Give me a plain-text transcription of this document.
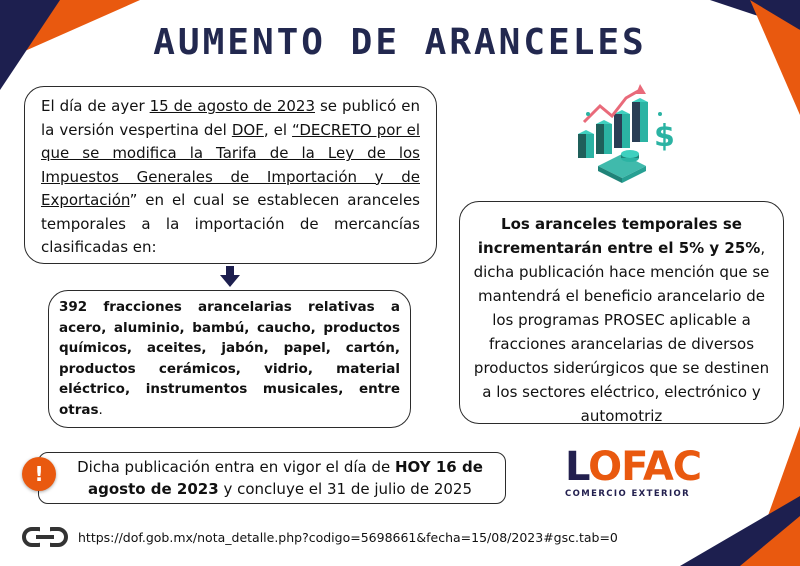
AUMENTO DE ARANCELES

El día de ayer 15 de agosto de 2023 se publicó en la versión vespertina del DOF, el “DECRETO por el que se modifica la Tarifa de la Ley de los Impuestos Generales de Importación y de Exportación” en el cual se establecen aranceles temporales a la importación de mercancías clasificadas en:

392 fracciones arancelarias relativas a acero, aluminio, bambú, caucho, productos químicos, aceites, jabón, papel, cartón, productos cerámicos, vidrio, material eléctrico, instrumentos musicales, entre otras.

$

Los aranceles temporales se incrementarán entre el 5% y 25%, dicha publicación hace mención que se mantendrá el beneficio arancelario de los programas PROSEC aplicable a fracciones arancelarias de diversos productos siderúrgicos que se destinen a los sectores eléctrico, electrónico y automotriz

Dicha publicación entra en vigor el día de HOY 16 de agosto de 2023 y concluye el 31 de julio de 2025

!	LOFAC
COMERCIO EXTERIOR
https://dof.gob.mx/nota_detalle.php?codigo=5698661&fecha=15/08/2023#gsc.tab=0
